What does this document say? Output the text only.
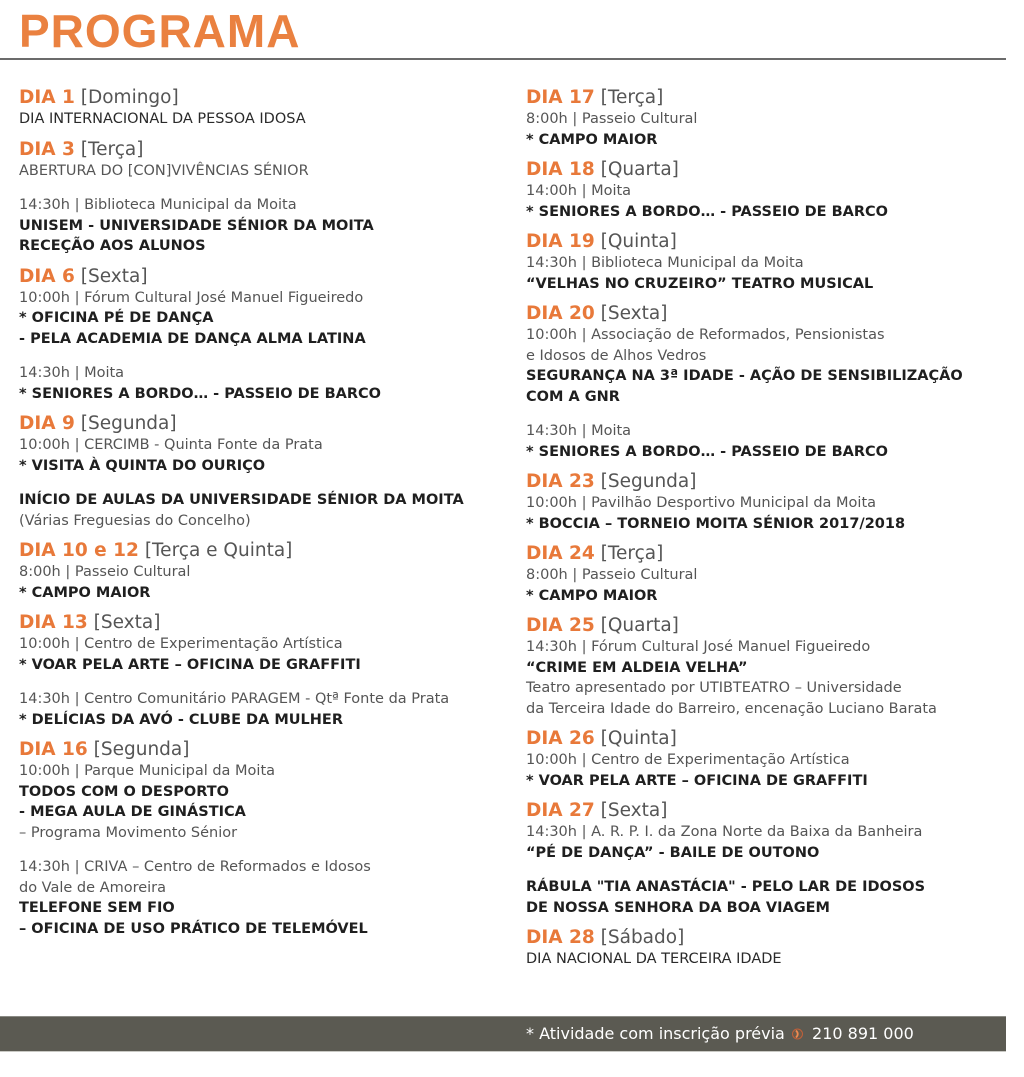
PROGRAMA
DIA 1 [Domingo]
DIA INTERNACIONAL DA PESSOA IDOSA
DIA 3 [Terça]
ABERTURA DO [CON]VIVÊNCIAS SÉNIOR
14:30h | Biblioteca Municipal da Moita
UNISEM - UNIVERSIDADE SÉNIOR DA MOITA
RECEÇÃO AOS ALUNOS
DIA 6 [Sexta]
10:00h | Fórum Cultural José Manuel Figueiredo
* OFICINA PÉ DE DANÇA
- PELA ACADEMIA DE DANÇA ALMA LATINA
14:30h | Moita
* SENIORES A BORDO… - PASSEIO DE BARCO
DIA 9 [Segunda]
10:00h | CERCIMB - Quinta Fonte da Prata
* VISITA À QUINTA DO OURIÇO
INÍCIO DE AULAS DA UNIVERSIDADE SÉNIOR DA MOITA
(Várias Freguesias do Concelho)
DIA 10 e 12 [Terça e Quinta]
8:00h | Passeio Cultural
* CAMPO MAIOR
DIA 13 [Sexta]
10:00h | Centro de Experimentação Artística
* VOAR PELA ARTE – OFICINA DE GRAFFITI
14:30h | Centro Comunitário PARAGEM - Qtª Fonte da Prata
* DELÍCIAS DA AVÓ - CLUBE DA MULHER
DIA 16 [Segunda]
10:00h | Parque Municipal da Moita
TODOS COM O DESPORTO
- MEGA AULA DE GINÁSTICA
– Programa Movimento Sénior
14:30h | CRIVA – Centro de Reformados e Idosos
do Vale de Amoreira
TELEFONE SEM FIO
– OFICINA DE USO PRÁTICO DE TELEMÓVEL
DIA 17 [Terça]
8:00h | Passeio Cultural
* CAMPO MAIOR
DIA 18 [Quarta]
14:00h | Moita
* SENIORES A BORDO… - PASSEIO DE BARCO
DIA 19 [Quinta]
14:30h | Biblioteca Municipal da Moita
“VELHAS NO CRUZEIRO” TEATRO MUSICAL
DIA 20 [Sexta]
10:00h | Associação de Reformados, Pensionistas
e Idosos de Alhos Vedros
SEGURANÇA NA 3ª IDADE - AÇÃO DE SENSIBILIZAÇÃO
COM A GNR
14:30h | Moita
* SENIORES A BORDO… - PASSEIO DE BARCO
DIA 23 [Segunda]
10:00h | Pavilhão Desportivo Municipal da Moita
* BOCCIA – TORNEIO MOITA SÉNIOR 2017/2018
DIA 24 [Terça]
8:00h | Passeio Cultural
* CAMPO MAIOR
DIA 25 [Quarta]
14:30h | Fórum Cultural José Manuel Figueiredo
“CRIME EM ALDEIA VELHA”
Teatro apresentado por UTIBTEATRO – Universidade
da Terceira Idade do Barreiro, encenação Luciano Barata
DIA 26 [Quinta]
10:00h | Centro de Experimentação Artística
* VOAR PELA ARTE – OFICINA DE GRAFFITI
DIA 27 [Sexta]
14:30h | A. R. P. I. da Zona Norte da Baixa da Banheira
“PÉ DE DANÇA” - BAILE DE OUTONO
RÁBULA "TIA ANASTÁCIA" - PELO LAR DE IDOSOS
DE NOSSA SENHORA DA BOA VIAGEM
DIA 28 [Sábado]
DIA NACIONAL DA TERCEIRA IDADE
* Atividade com inscrição prévia 210 891 000
